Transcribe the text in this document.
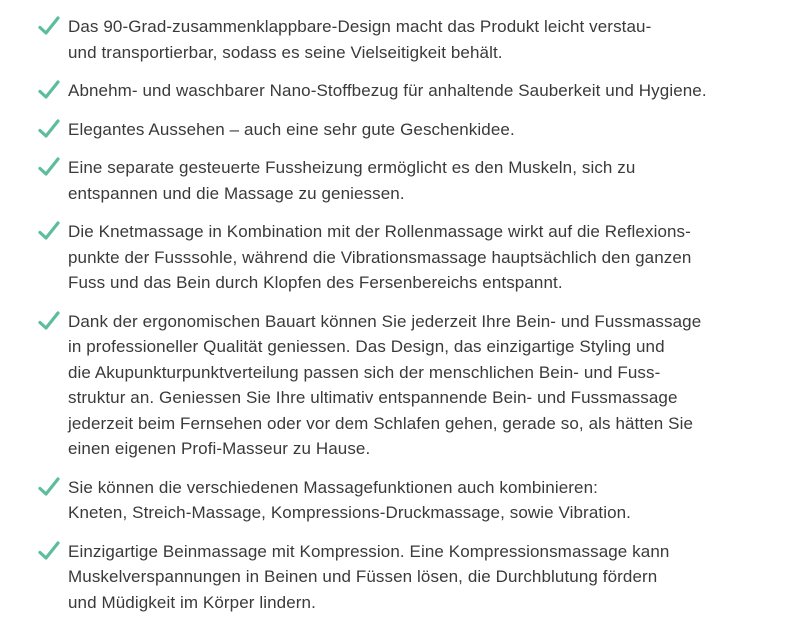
Das 90-Grad-zusammenklappbare-Design macht das Produkt leicht verstau-
und transportierbar, sodass es seine Vielseitigkeit behält.
Abnehm- und waschbarer Nano-Stoffbezug für anhaltende Sauberkeit und Hygiene.
Elegantes Aussehen – auch eine sehr gute Geschenkidee.
Eine separate gesteuerte Fussheizung ermöglicht es den Muskeln, sich zu
entspannen und die Massage zu geniessen.
Die Knetmassage in Kombination mit der Rollenmassage wirkt auf die Reflexions-
punkte der Fusssohle, während die Vibrationsmassage hauptsächlich den ganzen
Fuss und das Bein durch Klopfen des Fersenbereichs entspannt.
Dank der ergonomischen Bauart können Sie jederzeit Ihre Bein- und Fussmassage
in professioneller Qualität geniessen. Das Design, das einzigartige Styling und
die Akupunkturpunktverteilung passen sich der menschlichen Bein- und Fuss-
struktur an. Geniessen Sie Ihre ultimativ entspannende Bein- und Fussmassage
jederzeit beim Fernsehen oder vor dem Schlafen gehen, gerade so, als hätten Sie
einen eigenen Profi-Masseur zu Hause.
Sie können die verschiedenen Massagefunktionen auch kombinieren:
Kneten, Streich-Massage, Kompressions-Druckmassage, sowie Vibration.
Einzigartige Beinmassage mit Kompression. Eine Kompressionsmassage kann
Muskelverspannungen in Beinen und Füssen lösen, die Durchblutung fördern
und Müdigkeit im Körper lindern.
